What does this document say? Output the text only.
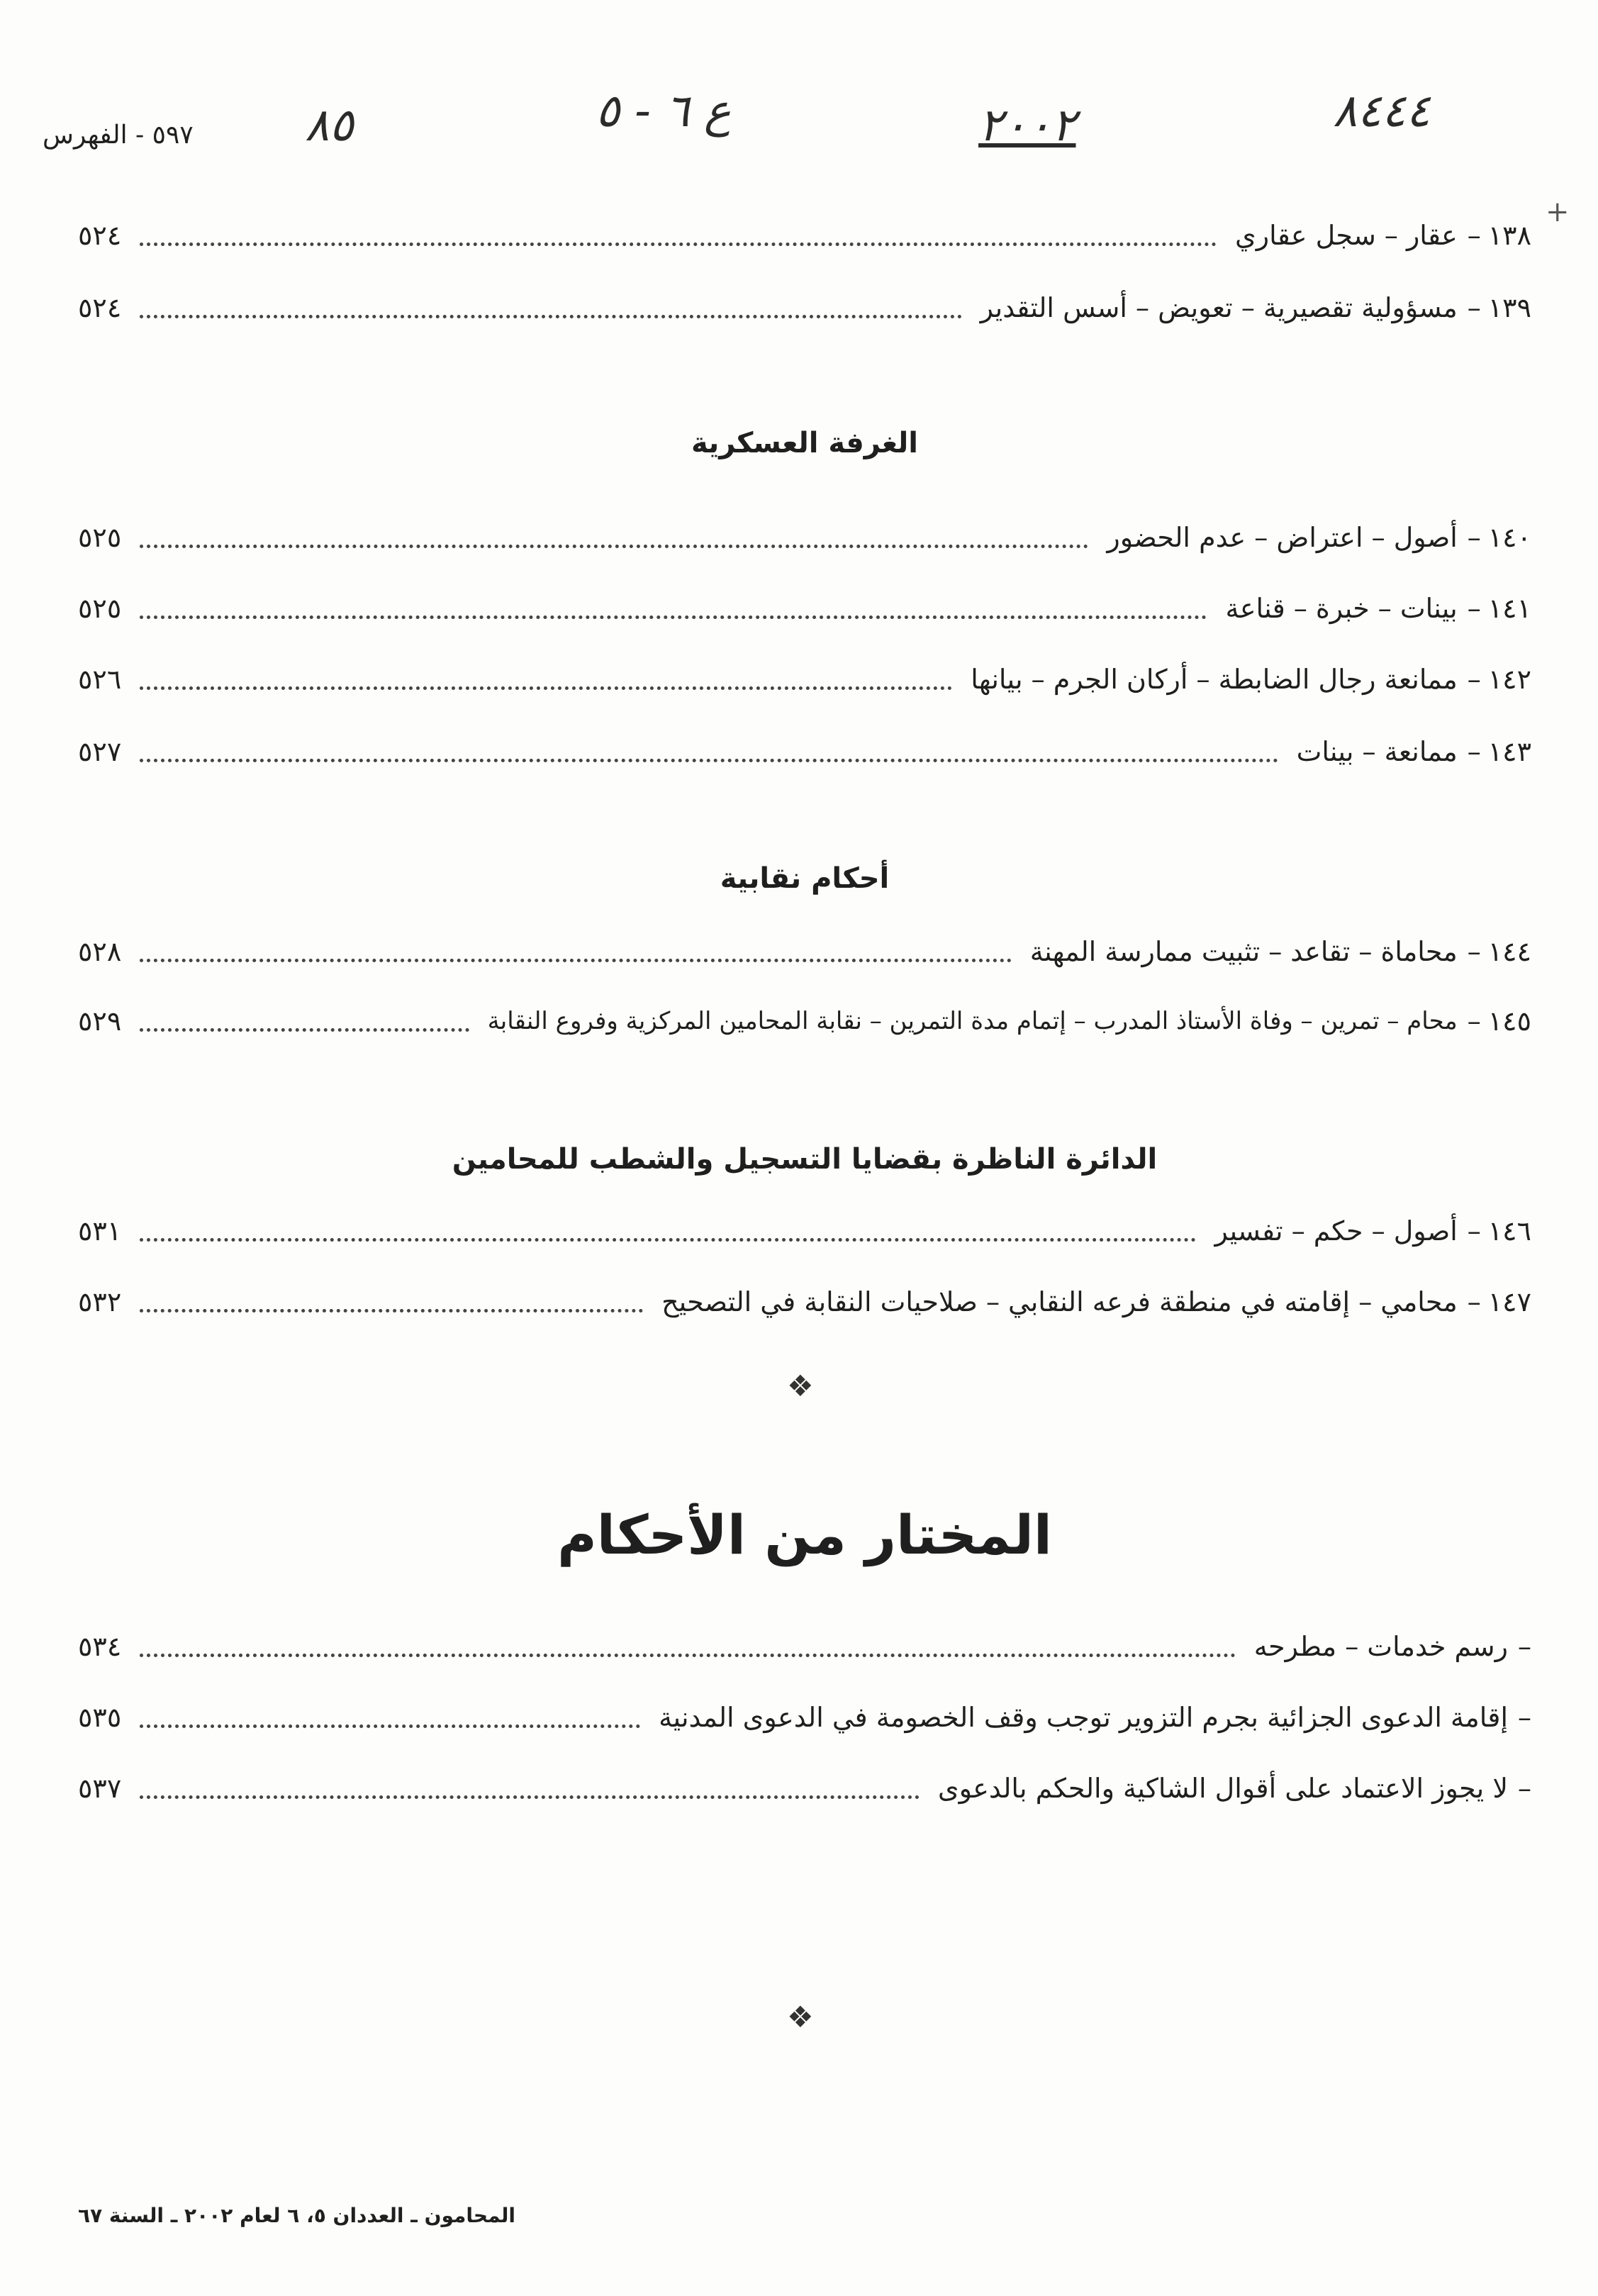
٨٤٤٤
٢٠٠٢
ع ٦ - ٥
٨٥
٥٩٧ - الفهرس
+
١٣٨
–
عقار – سجل عقاري
٥٢٤
١٣٩
–
مسؤولية تقصيرية – تعويض – أسس التقدير
٥٢٤
الغرفة العسكرية
١٤٠
–
أصول – اعتراض – عدم الحضور
٥٢٥
١٤١
–
بينات – خبرة – قناعة
٥٢٥
١٤٢
–
ممانعة رجال الضابطة – أركان الجرم – بيانها
٥٢٦
١٤٣
–
ممانعة – بينات
٥٢٧
أحكام نقابية
١٤٤
–
محاماة – تقاعد – تثبيت ممارسة المهنة
٥٢٨
١٤٥
–
محام – تمرين – وفاة الأستاذ المدرب – إتمام مدة التمرين – نقابة المحامين المركزية وفروع النقابة
٥٢٩
الدائرة الناظرة بقضايا التسجيل والشطب للمحامين
١٤٦
–
أصول – حكم – تفسير
٥٣١
١٤٧
–
محامي – إقامته في منطقة فرعه النقابي – صلاحيات النقابة في التصحيح
٥٣٢
❖
المختار من الأحكام
–
رسم خدمات – مطرحه
٥٣٤
–
إقامة الدعوى الجزائية بجرم التزوير توجب وقف الخصومة في الدعوى المدنية
٥٣٥
–
لا يجوز الاعتماد على أقوال الشاكية والحكم بالدعوى
٥٣٧
❖
المحامون ـ العددان ٥، ٦ لعام ٢٠٠٢ ـ السنة ٦٧
